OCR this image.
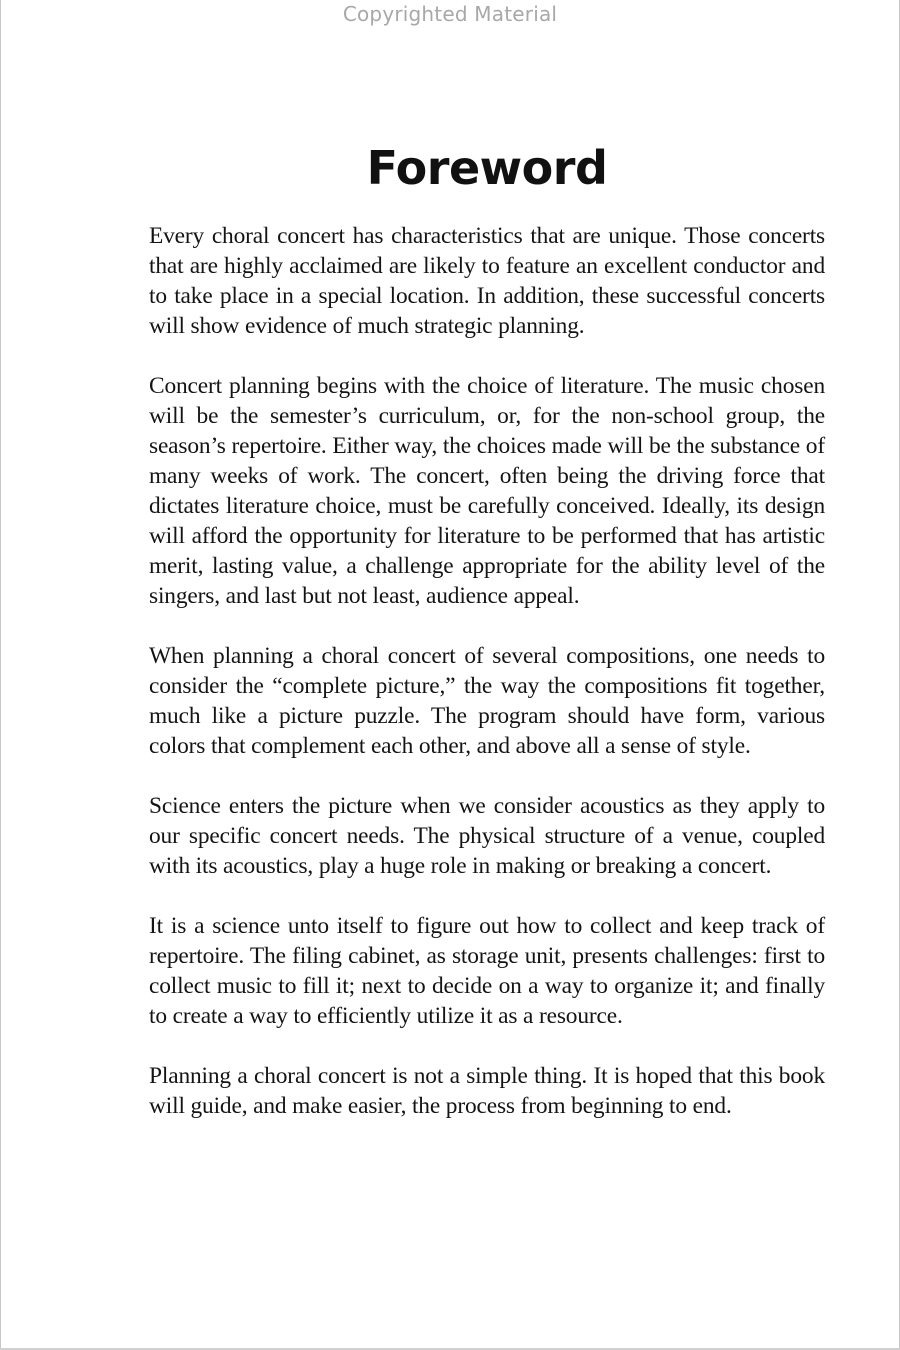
Copyrighted Material
Foreword

Every choral concert has characteristics that are unique. Those concerts that are highly acclaimed are likely to feature an excellent conductor and to take place in a special location. In addition, these successful concerts will show evidence of much strategic planning.

Concert planning begins with the choice of literature. The music chosen will be the semester’s curriculum, or, for the non-school group, the season’s repertoire. Either way, the choices made will be the substance of many weeks of work. The concert, often being the driving force that dictates literature choice, must be carefully conceived. Ideally, its design will afford the opportunity for literature to be performed that has artistic merit, lasting value, a challenge appropriate for the ability level of the singers, and last but not least, audience appeal.

When planning a choral concert of several compositions, one needs to consider the “complete picture,” the way the compositions fit together, much like a picture puzzle. The program should have form, various colors that complement each other, and above all a sense of style.

Science enters the picture when we consider acoustics as they apply to our specific concert needs. The physical structure of a venue, coupled with its acoustics, play a huge role in making or breaking a concert.

It is a science unto itself to figure out how to collect and keep track of repertoire. The filing cabinet, as storage unit, presents challenges: first to collect music to fill it; next to decide on a way to organize it; and finally to create a way to efficiently utilize it as a resource.

Planning a choral concert is not a simple thing. It is hoped that this book will guide, and make easier, the process from beginning to end.
